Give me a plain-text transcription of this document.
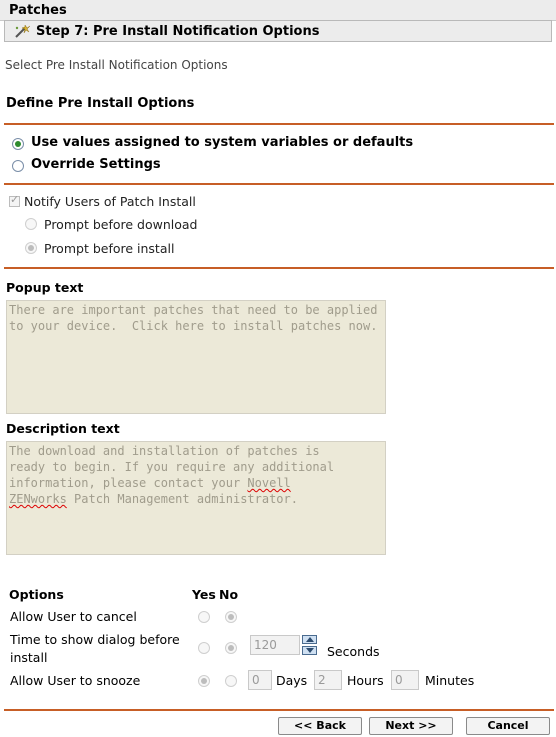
Patches
Step 7: Pre Install Notification Options
Select Pre Install Notification Options
Define Pre Install Options
Use values assigned to system variables or defaults
Override Settings
✓
Notify Users of Patch Install
Prompt before download
Prompt before install
Popup text
There are important patches that need to be applied to your device.  Click here to install patches now.
Description text
The download and installation of patches is
ready to begin. If you require any additional
information, please contact your Novell
ZENworks Patch Management administrator.
Options	Yes No
Allow User to cancel
Time to show dialog before install
120	Seconds
Allow User to snooze	0	Days 2	Hours 0	Minutes
<< Back	Next >>	Cancel
